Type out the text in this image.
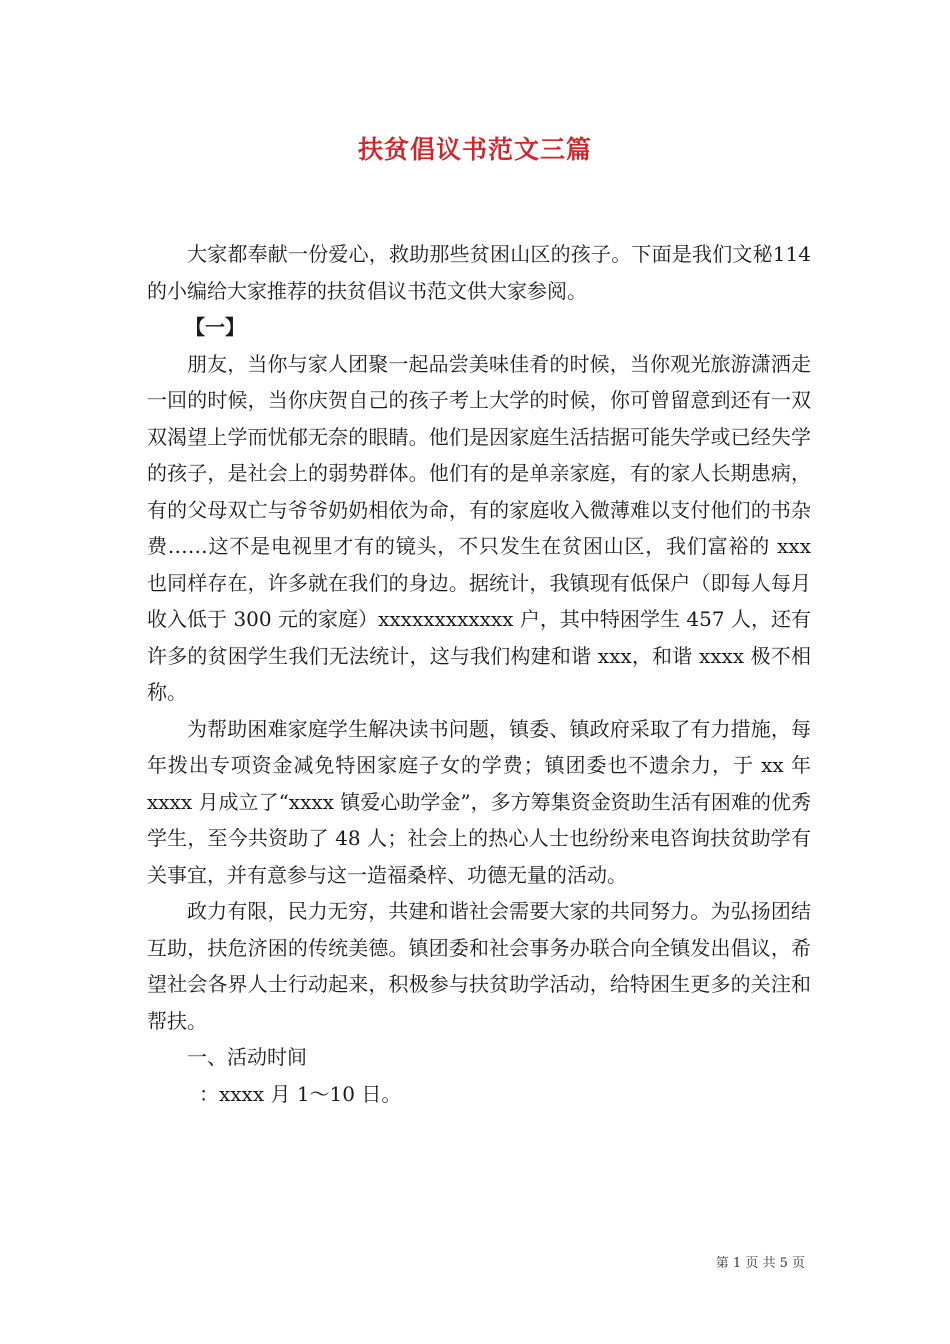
扶贫倡议书范文三篇

大家都奉献一份爱心，救助那些贫困山区的孩子。下面是我们文秘114的小编给大家推荐的扶贫倡议书范文供大家参阅。

【一】

朋友，当你与家人团聚一起品尝美味佳肴的时候，当你观光旅游潇洒走一回的时候，当你庆贺自己的孩子考上大学的时候，你可曾留意到还有一双双渴望上学而忧郁无奈的眼睛。他们是因家庭生活拮据可能失学或已经失学的孩子，是社会上的弱势群体。他们有的是单亲家庭，有的家人长期患病，有的父母双亡与爷爷奶奶相依为命，有的家庭收入微薄难以支付他们的书杂费……这不是电视里才有的镜头，不只发生在贫困山区，我们富裕的 xxx 也同样存在，许多就在我们的身边。据统计，我镇现有低保户（即每人每月收入低于 300 元的家庭）xxxxxxxxxxxx 户，其中特困学生 457 人，还有许多的贫困学生我们无法统计，这与我们构建和谐 xxx，和谐 xxxx 极不相称。

为帮助困难家庭学生解决读书问题，镇委、镇政府采取了有力措施，每年拨出专项资金减免特困家庭子女的学费；镇团委也不遗余力，于 xx 年 xxxx 月成立了“xxxx 镇爱心助学金”，多方筹集资金资助生活有困难的优秀学生，至今共资助了 48 人；社会上的热心人士也纷纷来电咨询扶贫助学有关事宜，并有意参与这一造福桑梓、功德无量的活动。

政力有限，民力无穷，共建和谐社会需要大家的共同努力。为弘扬团结互助，扶危济困的传统美德。镇团委和社会事务办联合向全镇发出倡议，希望社会各界人士行动起来，积极参与扶贫助学活动，给特困生更多的关注和帮扶。

一、活动时间

：xxxx 月 1～10 日。

第 1 页 共 5 页
